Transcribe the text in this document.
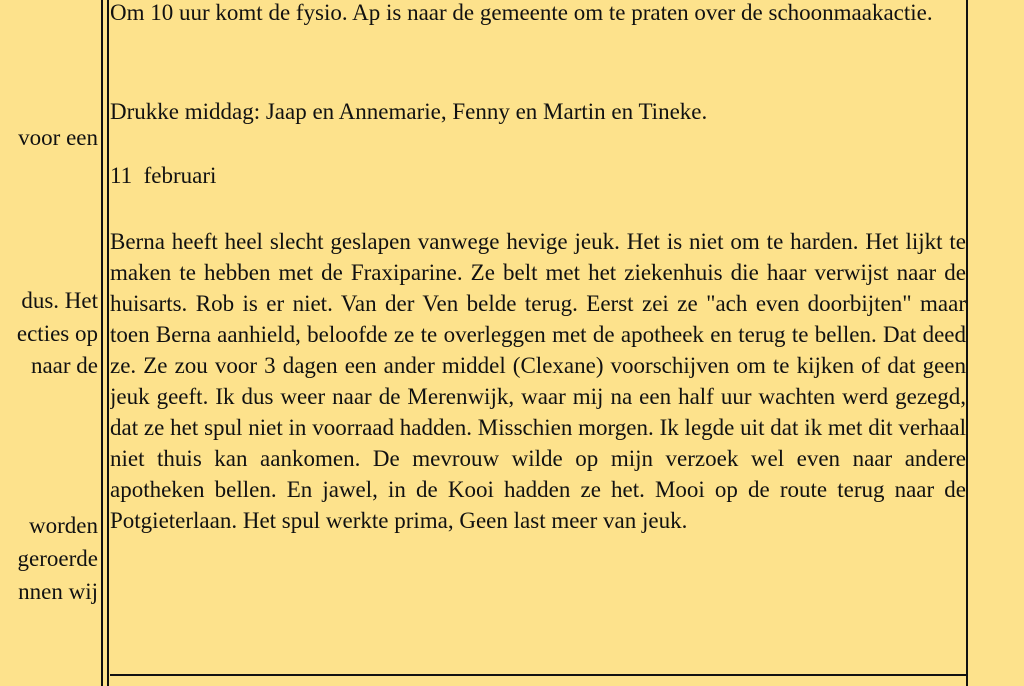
voor een
dus. Het
ecties op
naar de
worden
geroerde
nnen wij

Om 10 uur komt de fysio. Ap is naar de gemeente om te praten over de schoonmaakactie.

Drukke middag: Jaap en Annemarie, Fenny en Martin en Tineke.

11  februari

Berna heeft heel slecht geslapen vanwege hevige jeuk. Het is niet om te harden. Het lijkt te maken te hebben met de Fraxiparine. Ze belt met het ziekenhuis die haar verwijst naar de huisarts. Rob is er niet. Van der Ven belde terug. Eerst zei ze "ach even doorbijten" maar toen Berna aanhield, beloofde ze te overleggen met de apotheek en terug te bellen. Dat deed ze. Ze zou voor 3 dagen een ander middel (Clexane) voorschijven om te kijken of dat geen jeuk geeft. Ik dus weer naar de Merenwijk, waar mij na een half uur wachten werd gezegd, dat ze het spul niet in voorraad hadden. Misschien morgen. Ik legde uit dat ik met dit verhaal niet thuis kan aankomen. De mevrouw wilde op mijn verzoek wel even naar andere apotheken bellen. En jawel, in de Kooi hadden ze het. Mooi op de route terug naar de Potgieterlaan. Het spul werkte prima, Geen last meer van jeuk.
